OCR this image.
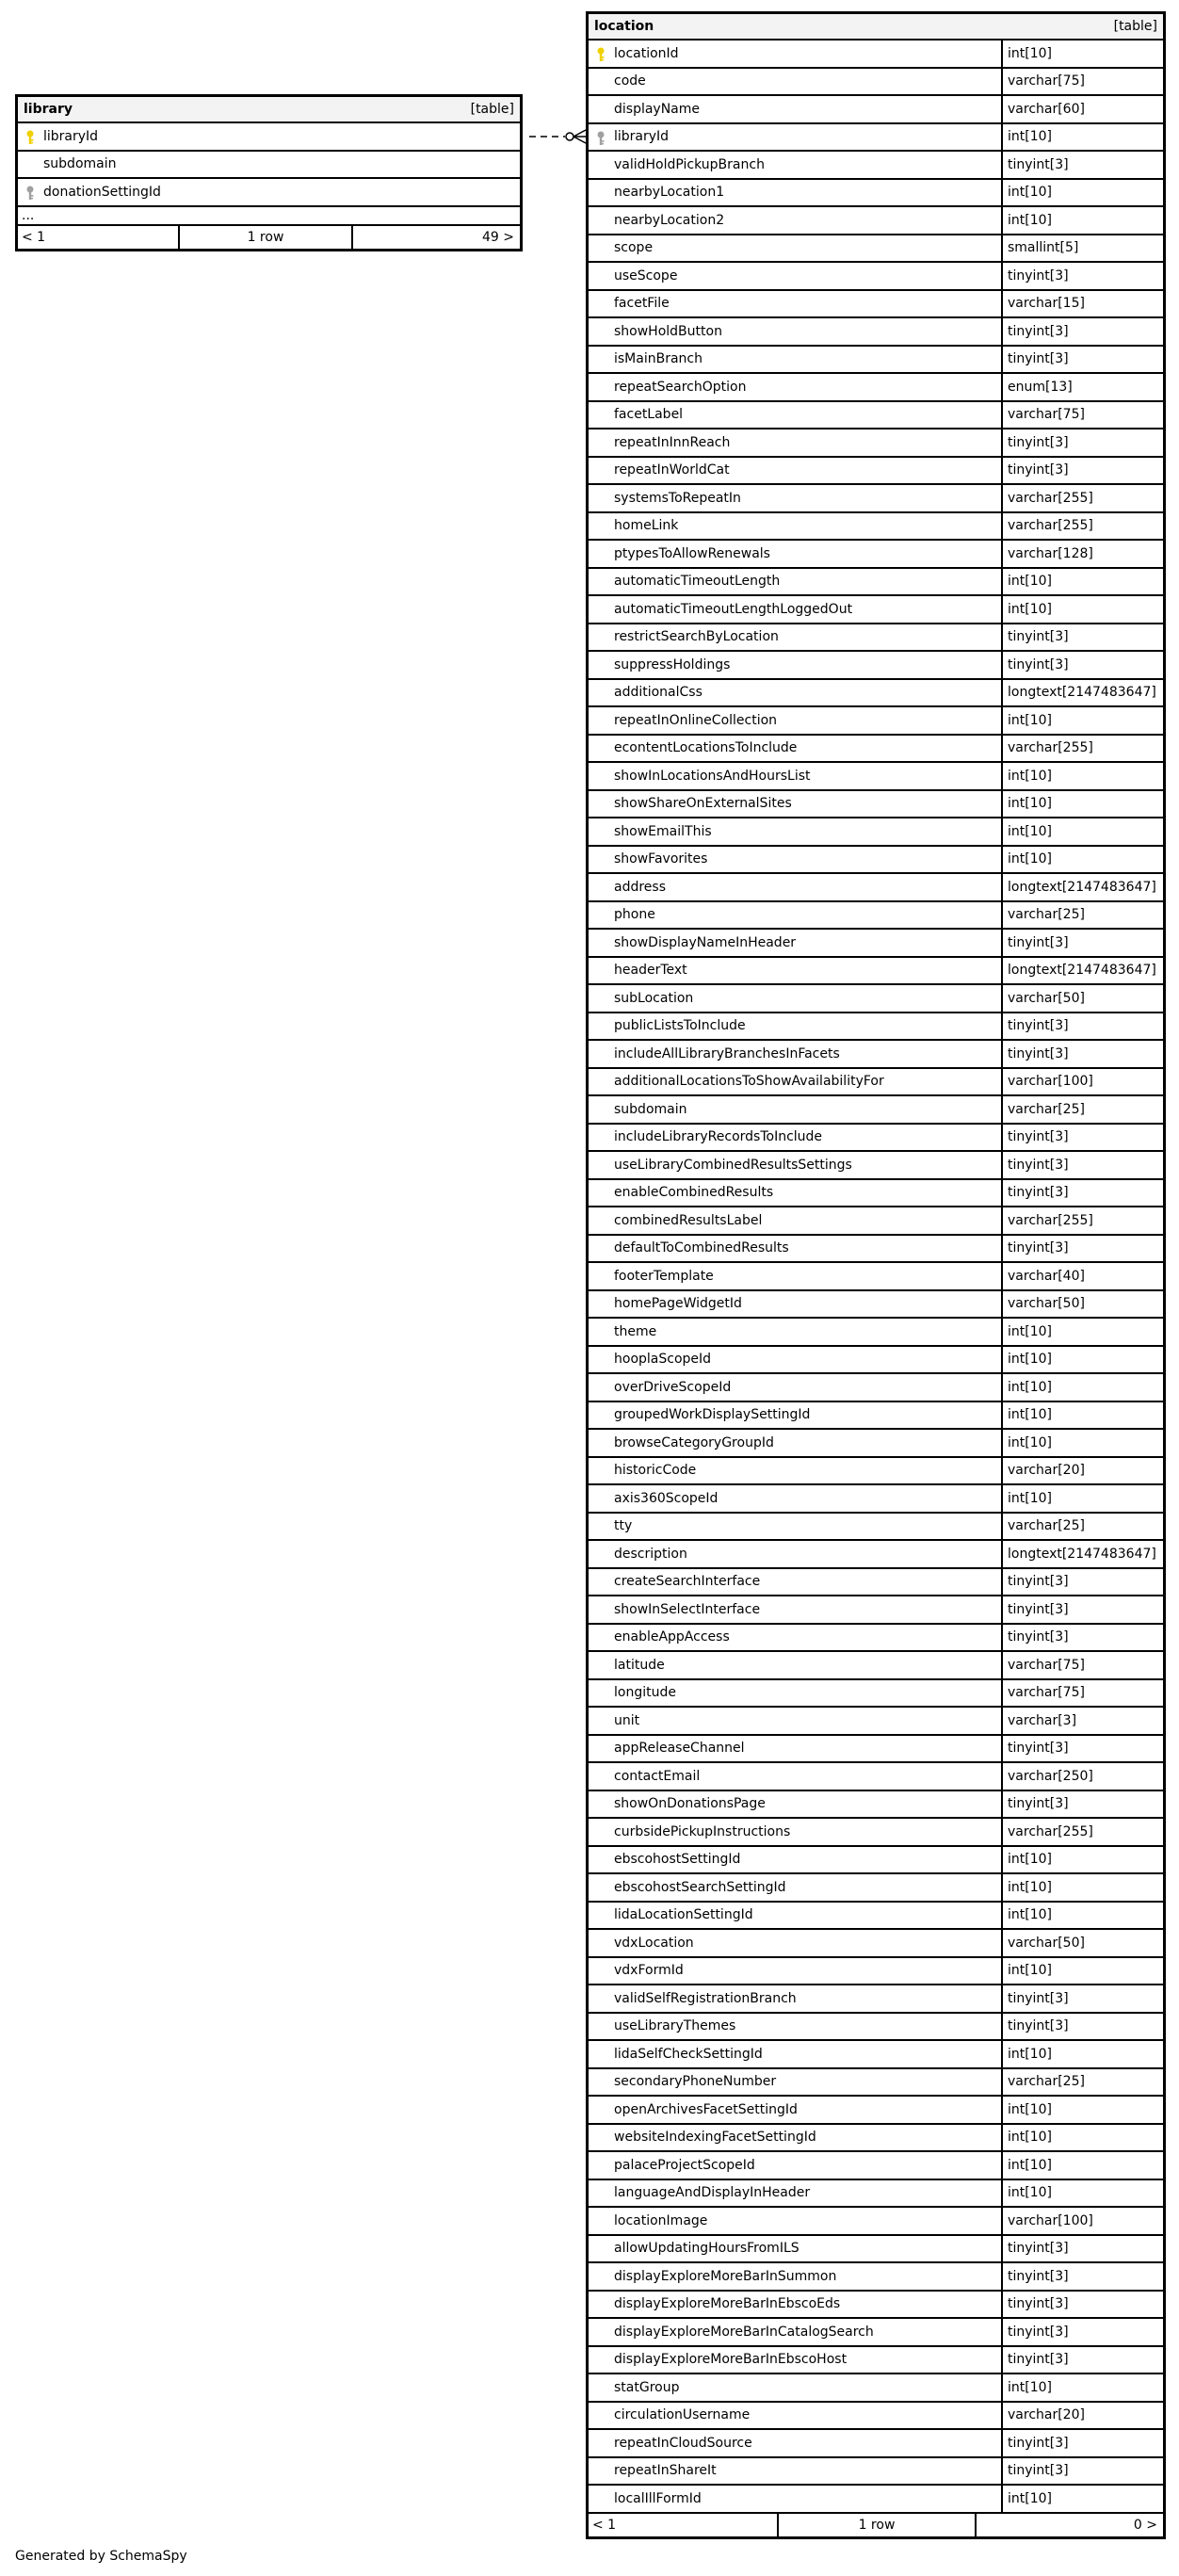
library	[table]
libraryId
subdomain
donationSettingId
...
< 1	1 row	49 >
location	[table]
locationId	int[10]
code	varchar[75]
displayName	varchar[60]
libraryId	int[10]
validHoldPickupBranch	tinyint[3]
nearbyLocation1	int[10]
nearbyLocation2	int[10]
scope	smallint[5]
useScope	tinyint[3]
facetFile	varchar[15]
showHoldButton	tinyint[3]
isMainBranch	tinyint[3]
repeatSearchOption	enum[13]
facetLabel	varchar[75]
repeatInInnReach	tinyint[3]
repeatInWorldCat	tinyint[3]
systemsToRepeatIn	varchar[255]
homeLink	varchar[255]
ptypesToAllowRenewals	varchar[128]
automaticTimeoutLength	int[10]
automaticTimeoutLengthLoggedOut	int[10]
restrictSearchByLocation	tinyint[3]
suppressHoldings	tinyint[3]
additionalCss	longtext[2147483647]
repeatInOnlineCollection	int[10]
econtentLocationsToInclude	varchar[255]
showInLocationsAndHoursList	int[10]
showShareOnExternalSites	int[10]
showEmailThis	int[10]
showFavorites	int[10]
address	longtext[2147483647]
phone	varchar[25]
showDisplayNameInHeader	tinyint[3]
headerText	longtext[2147483647]
subLocation	varchar[50]
publicListsToInclude	tinyint[3]
includeAllLibraryBranchesInFacets	tinyint[3]
additionalLocationsToShowAvailabilityFor	varchar[100]
subdomain	varchar[25]
includeLibraryRecordsToInclude	tinyint[3]
useLibraryCombinedResultsSettings	tinyint[3]
enableCombinedResults	tinyint[3]
combinedResultsLabel	varchar[255]
defaultToCombinedResults	tinyint[3]
footerTemplate	varchar[40]
homePageWidgetId	varchar[50]
theme	int[10]
hooplaScopeId	int[10]
overDriveScopeId	int[10]
groupedWorkDisplaySettingId	int[10]
browseCategoryGroupId	int[10]
historicCode	varchar[20]
axis360ScopeId	int[10]
tty	varchar[25]
description	longtext[2147483647]
createSearchInterface	tinyint[3]
showInSelectInterface	tinyint[3]
enableAppAccess	tinyint[3]
latitude	varchar[75]
longitude	varchar[75]
unit	varchar[3]
appReleaseChannel	tinyint[3]
contactEmail	varchar[250]
showOnDonationsPage	tinyint[3]
curbsidePickupInstructions	varchar[255]
ebscohostSettingId	int[10]
ebscohostSearchSettingId	int[10]
lidaLocationSettingId	int[10]
vdxLocation	varchar[50]
vdxFormId	int[10]
validSelfRegistrationBranch	tinyint[3]
useLibraryThemes	tinyint[3]
lidaSelfCheckSettingId	int[10]
secondaryPhoneNumber	varchar[25]
openArchivesFacetSettingId	int[10]
websiteIndexingFacetSettingId	int[10]
palaceProjectScopeId	int[10]
languageAndDisplayInHeader	int[10]
locationImage	varchar[100]
allowUpdatingHoursFromILS	tinyint[3]
displayExploreMoreBarInSummon	tinyint[3]
displayExploreMoreBarInEbscoEds	tinyint[3]
displayExploreMoreBarInCatalogSearch	tinyint[3]
displayExploreMoreBarInEbscoHost	tinyint[3]
statGroup	int[10]
circulationUsername	varchar[20]
repeatInCloudSource	tinyint[3]
repeatInShareIt	tinyint[3]
localIllFormId	int[10]
< 1	1 row	0 >
Generated by SchemaSpy
